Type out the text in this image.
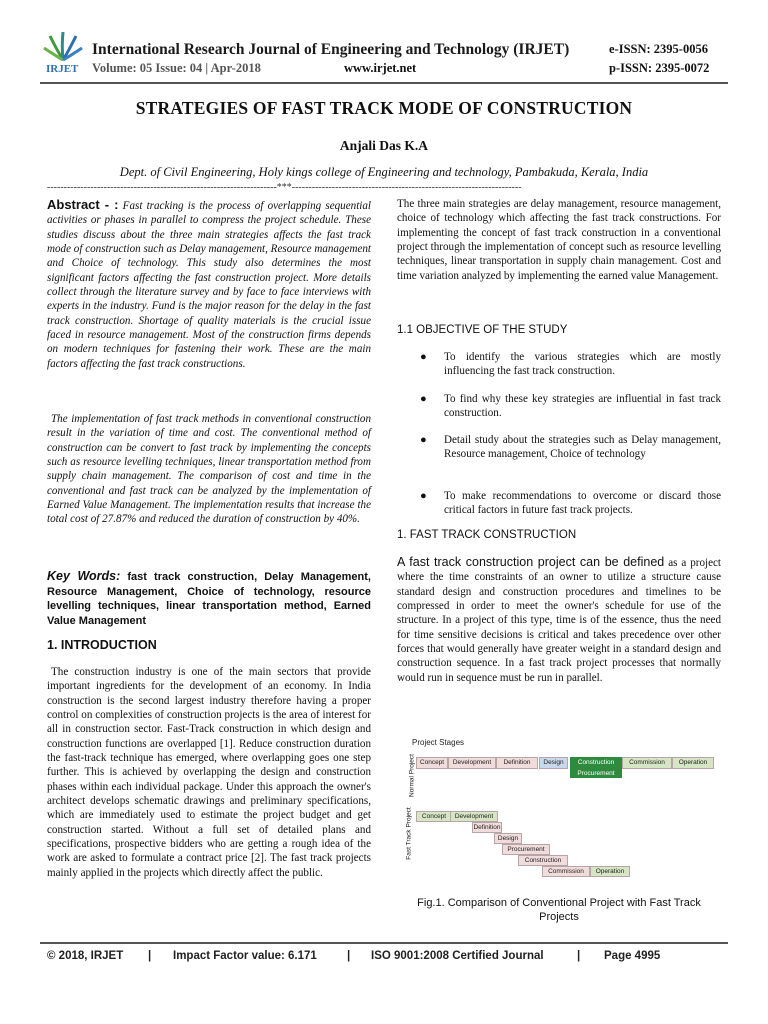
IRJET
International Research Journal of Engineering and Technology (IRJET)
Volume: 05 Issue: 04 | Apr-2018	www.irjet.net
e-ISSN: 2395-0056
p-ISSN: 2395-0072
STRATEGIES OF FAST TRACK MODE OF CONSTRUCTION
Anjali Das K.A
Dept. of Civil Engineering, Holy kings college of Engineering and technology, Pambakuda, Kerala, India
---------------------------------------------------------------------***---------------------------------------------------------------------
Abstract - : Fast tracking is the process of overlapping sequential activities or phases in parallel to compress the project schedule. These studies discuss about the three main strategies affects the fast track mode of construction such as Delay management, Resource management and Choice of technology. This study also determines the most significant factors affecting the fast construction project. More details collect through the literature survey and by face to face interviews with experts in the industry. Fund is the major reason for the delay in the fast track construction. Shortage of quality materials is the crucial issue faced in resource management. Most of the construction firms depends on modern techniques for fastening their work. These are the main factors affecting the fast track constructions.
The implementation of fast track methods in conventional construction result in the variation of time and cost. The conventional method of construction can be convert to fast track by implementing the concepts such as resource levelling techniques, linear transportation method from supply chain management. The comparison of cost and time in the conventional and fast track can be analyzed by the implementation of Earned Value Management. The implementation results that increase the total cost of 27.87% and reduced the duration of construction by 40%.
Key Words: fast track construction, Delay Management, Resource Management, Choice of technology, resource levelling techniques, linear transportation method, Earned Value Management
1. INTRODUCTION
The construction industry is one of the main sectors that provide important ingredients for the development of an economy. In India construction is the second largest industry therefore having a proper control on complexities of construction projects is the area of interest for all in construction sector. Fast-Track construction in which design and construction functions are overlapped [1]. Reduce construction duration the fast-track technique has emerged, where overlapping goes one step further. This is achieved by overlapping the design and construction phases within each individual package. Under this approach the owner's architect develops schematic drawings and preliminary specifications, which are immediately used to estimate the project budget and get construction started. Without a full set of detailed plans and specifications, prospective bidders who are getting a rough idea of the work are asked to formulate a contract price [2]. The fast track projects mainly applied in the projects which directly affect the public.
The three main strategies are delay management, resource management, choice of technology which affecting the fast track constructions. For implementing the concept of fast track construction in a conventional project through the implementation of concept such as resource levelling techniques, linear transportation in supply chain management. Cost and time variation analyzed by implementing the earned value Management.
1.1 OBJECTIVE OF THE STUDY
● To identify the various strategies which are mostly influencing the fast track construction.
● To find why these key strategies are influential in fast track construction.
● Detail study about the strategies such as Delay management, Resource management, Choice of technology
● To make recommendations to overcome or discard those critical factors in future fast track projects.
1. FAST TRACK CONSTRUCTION
A fast track construction project can be defined as a project where the time constraints of an owner to utilize a structure cause standard design and construction procedures and timelines to be compressed in order to meet the owner's schedule for use of the structure. In a project of this type, time is of the essence, thus the need for time sensitive decisions is critical and takes precedence over other forces that would generally have greater weight in a standard design and construction sequence. In a fast track project processes that normally would run in sequence must be run in parallel.
Project Stages
Normal Project
Fast Track Project
Concept	Development	Definition	Design	Construction
Procurement
Commission	Operation
Concept	Development
Definition
Design
Procurement
Construction
Commission	Operation
Fig.1. Comparison of Conventional Project with Fast Track Projects
© 2018, IRJET | Impact Factor value: 6.171	| ISO 9001:2008 Certified Journal	| Page 4995
